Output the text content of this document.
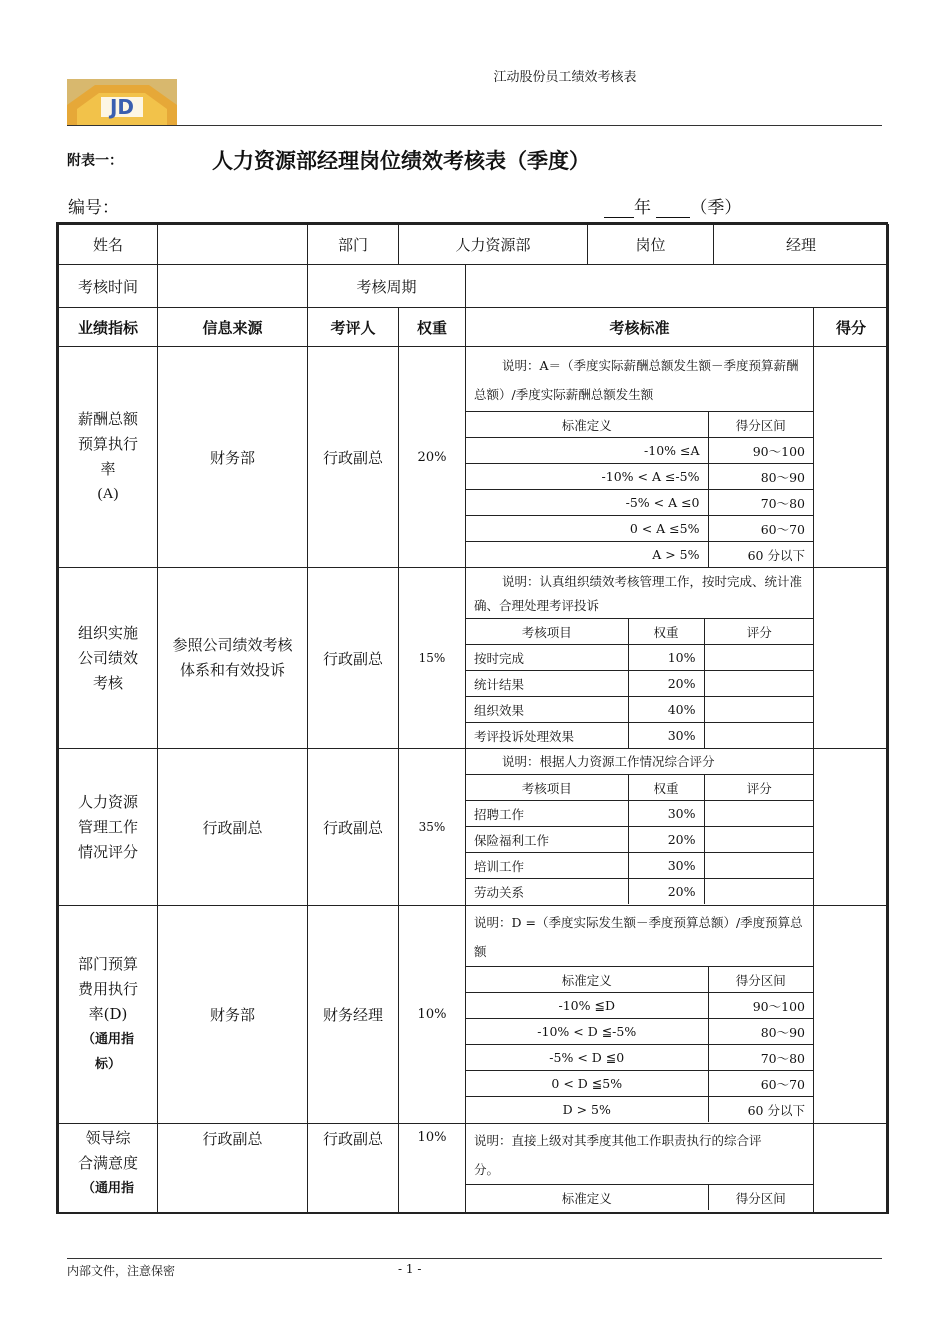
江动股份员工绩效考核表
JD
附表一：	人力资源部经理岗位绩效考核表（季度）
编号：	年 （季）
姓名		部门		人力资源部	岗位	经理

考核时间		考核周期	
业绩指标	信息来源	考评人	权重	考核标准	得分

薪酬总额
预算执行
率
(A)
	财务部	行政副总	20%	
说明：A＝（季度实际薪酬总额发生额－季度预算薪酬总额）/季度实际薪酬总额发生额
标准定义	得分区间
-10% ≤A	90～100
-10% < A ≤-5%	80～90
-5% < A ≤0	70～80
0 < A ≤5%	60～70
A > 5%	60 分以下

组织实施
公司绩效
考核
	参照公司绩效考核体系和有效投诉	行政副总	15%	
说明：认真组织绩效考核管理工作，按时完成、统计准确、合理处理考评投诉
考核项目	权重	评分
按时完成	10%	
统计结果	20%	
组织效果	40%	
考评投诉处理效果	30%	

人力资源
管理工作
情况评分
	行政副总	行政副总	35%	
说明：根据人力资源工作情况综合评分
考核项目	权重	评分
招聘工作	30%	
保险福利工作	20%	
培训工作	30%	
劳动关系	20%	

部门预算
费用执行
率(D)
（通用指
标）
	财务部	财务经理	10%	
说明：D =（季度实际发生额－季度预算总额）/季度预算总额
标准定义	得分区间
-10% ≦D	90～100
-10% < D ≦-5%	80～90
-5% < D ≦0	70～80
0 < D ≦5%	60～70
D > 5%	60 分以下

领导综
合满意度
（通用指
	行政副总	行政副总	10%	说明：直接上级对其季度其他工作职责执行的综合评分。
标准定义	得分区间

内部文件，注意保密	- 1 -
